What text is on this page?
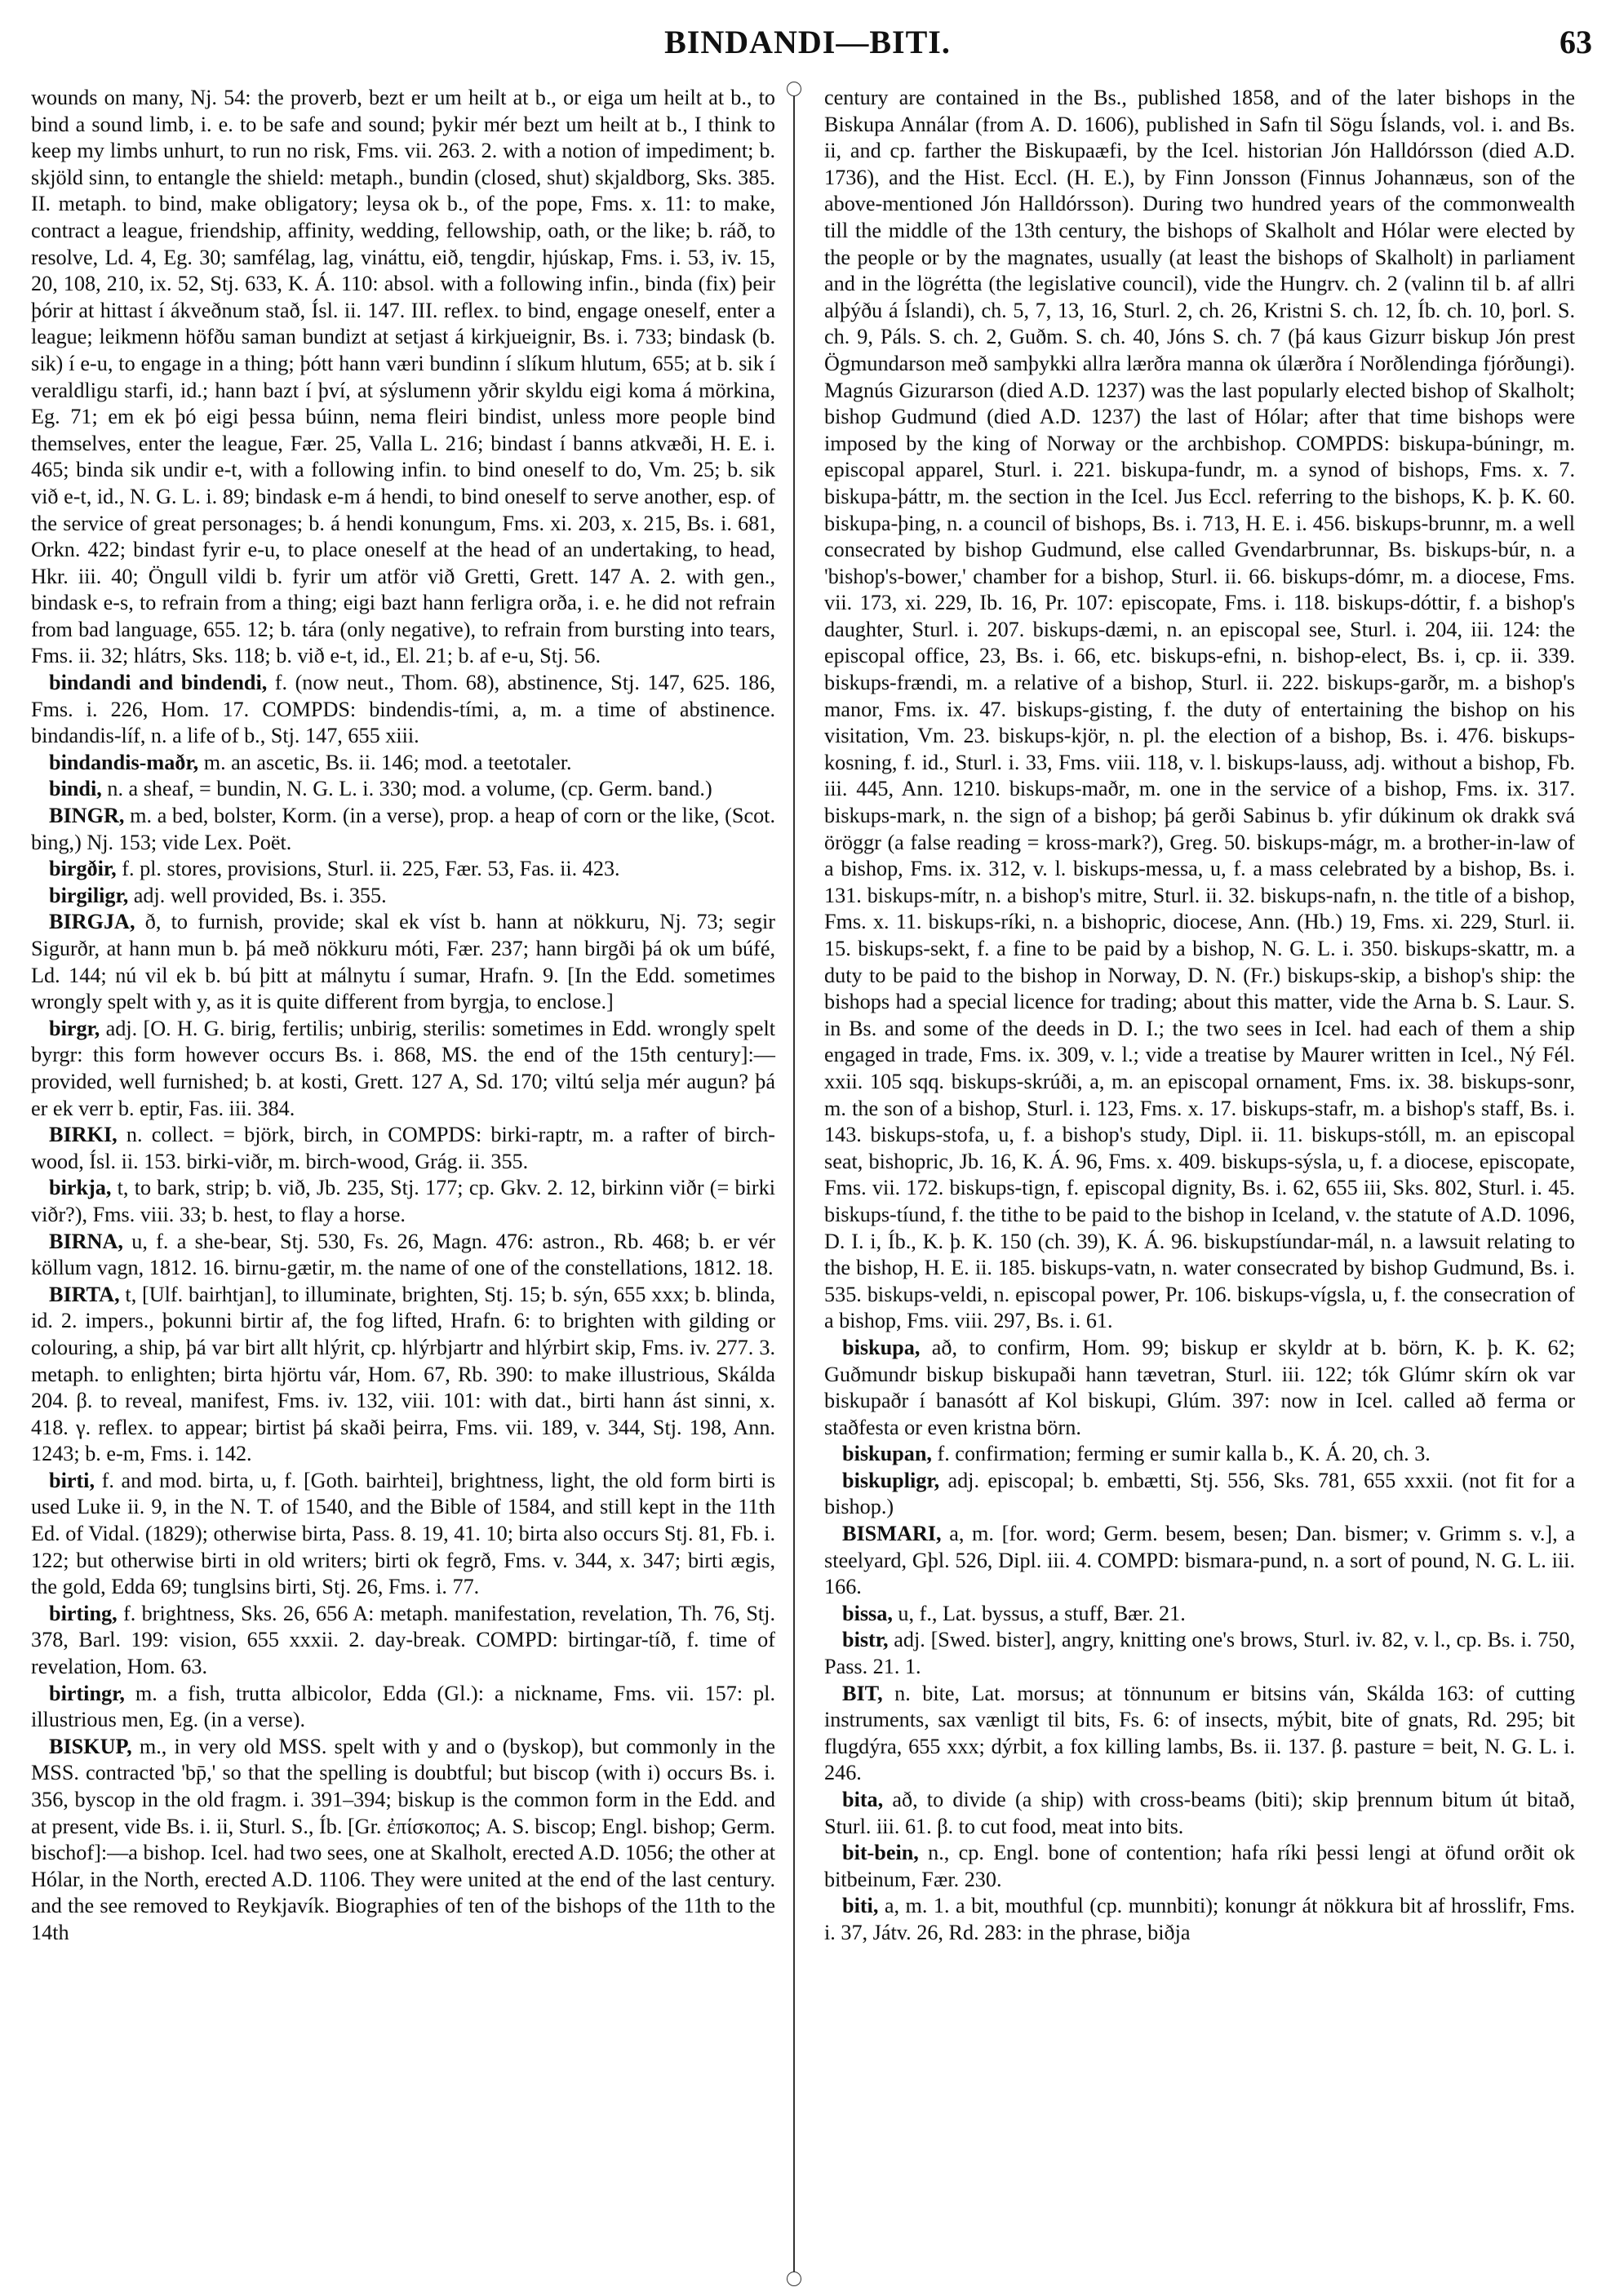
BINDANDI—BITI.	63

wounds on many, Nj. 54: the proverb, bezt er um heilt at b., or eiga um heilt at b., to bind a sound limb, i. e. to be safe and sound; þykir mér bezt um heilt at b., I think to keep my limbs unhurt, to run no risk, Fms. vii. 263. 2. with a notion of impediment; b. skjöld sinn, to entangle the shield: metaph., bundin (closed, shut) skjaldborg, Sks. 385. II. metaph. to bind, make obligatory; leysa ok b., of the pope, Fms. x. 11: to make, contract a league, friendship, affinity, wedding, fellowship, oath, or the like; b. ráð, to resolve, Ld. 4, Eg. 30; samfélag, lag, vináttu, eið, tengdir, hjúskap, Fms. i. 53, iv. 15, 20, 108, 210, ix. 52, Stj. 633, K. Á. 110: absol. with a following infin., binda (fix) þeir þórir at hittast í ákveðnum stað, Ísl. ii. 147. III. reflex. to bind, engage oneself, enter a league; leikmenn höfðu saman bundizt at setjast á kirkjueignir, Bs. i. 733; bindask (b. sik) í e-u, to engage in a thing; þótt hann væri bundinn í slíkum hlutum, 655; at b. sik í veraldligu starfi, id.; hann bazt í því, at sýslumenn yðrir skyldu eigi koma á mörkina, Eg. 71; em ek þó eigi þessa búinn, nema fleiri bindist, unless more people bind themselves, enter the league, Fær. 25, Valla L. 216; bindast í banns atkvæði, H. E. i. 465; binda sik undir e-t, with a following infin. to bind oneself to do, Vm. 25; b. sik við e-t, id., N. G. L. i. 89; bindask e-m á hendi, to bind oneself to serve another, esp. of the service of great personages; b. á hendi konungum, Fms. xi. 203, x. 215, Bs. i. 681, Orkn. 422; bindast fyrir e-u, to place oneself at the head of an undertaking, to head, Hkr. iii. 40; Öngull vildi b. fyrir um atför við Gretti, Grett. 147 A. 2. with gen., bindask e-s, to refrain from a thing; eigi bazt hann ferligra orða, i. e. he did not refrain from bad language, 655. 12; b. tára (only negative), to refrain from bursting into tears, Fms. ii. 32; hlátrs, Sks. 118; b. við e-t, id., El. 21; b. af e-u, Stj. 56.

bindandi and bindendi, f. (now neut., Thom. 68), abstinence, Stj. 147, 625. 186, Fms. i. 226, Hom. 17. COMPDS: bindendis-tími, a, m. a time of abstinence. bindandis-líf, n. a life of b., Stj. 147, 655 xiii.

bindandis-maðr, m. an ascetic, Bs. ii. 146; mod. a teetotaler.

bindi, n. a sheaf, = bundin, N. G. L. i. 330; mod. a volume, (cp. Germ. band.)

BINGR, m. a bed, bolster, Korm. (in a verse), prop. a heap of corn or the like, (Scot. bing,) Nj. 153; vide Lex. Poët.

birgðir, f. pl. stores, provisions, Sturl. ii. 225, Fær. 53, Fas. ii. 423.

birgiligr, adj. well provided, Bs. i. 355.

BIRGJA, ð, to furnish, provide; skal ek víst b. hann at nökkuru, Nj. 73; segir Sigurðr, at hann mun b. þá með nökkuru móti, Fær. 237; hann birgði þá ok um búfé, Ld. 144; nú vil ek b. bú þitt at málnytu í sumar, Hrafn. 9. [In the Edd. sometimes wrongly spelt with y, as it is quite different from byrgja, to enclose.]

birgr, adj. [O. H. G. birig, fertilis; unbirig, sterilis: sometimes in Edd. wrongly spelt byrgr: this form however occurs Bs. i. 868, MS. the end of the 15th century]:—provided, well furnished; b. at kosti, Grett. 127 A, Sd. 170; viltú selja mér augun? þá er ek verr b. eptir, Fas. iii. 384.

BIRKI, n. collect. = björk, birch, in COMPDS: birki-raptr, m. a rafter of birch-wood, Ísl. ii. 153. birki-viðr, m. birch-wood, Grág. ii. 355.

birkja, t, to bark, strip; b. við, Jb. 235, Stj. 177; cp. Gkv. 2. 12, birkinn viðr (= birki viðr?), Fms. viii. 33; b. hest, to flay a horse.

BIRNA, u, f. a she-bear, Stj. 530, Fs. 26, Magn. 476: astron., Rb. 468; b. er vér köllum vagn, 1812. 16. birnu-gætir, m. the name of one of the constellations, 1812. 18.

BIRTA, t, [Ulf. bairhtjan], to illuminate, brighten, Stj. 15; b. sýn, 655 xxx; b. blinda, id. 2. impers., þokunni birtir af, the fog lifted, Hrafn. 6: to brighten with gilding or colouring, a ship, þá var birt allt hlýrit, cp. hlýrbjartr and hlýrbirt skip, Fms. iv. 277. 3. metaph. to enlighten; birta hjörtu vár, Hom. 67, Rb. 390: to make illustrious, Skálda 204. β. to reveal, manifest, Fms. iv. 132, viii. 101: with dat., birti hann ást sinni, x. 418. γ. reflex. to appear; birtist þá skaði þeirra, Fms. vii. 189, v. 344, Stj. 198, Ann. 1243; b. e-m, Fms. i. 142.

birti, f. and mod. birta, u, f. [Goth. bairhtei], brightness, light, the old form birti is used Luke ii. 9, in the N. T. of 1540, and the Bible of 1584, and still kept in the 11th Ed. of Vidal. (1829); otherwise birta, Pass. 8. 19, 41. 10; birta also occurs Stj. 81, Fb. i. 122; but otherwise birti in old writers; birti ok fegrð, Fms. v. 344, x. 347; birti ægis, the gold, Edda 69; tunglsins birti, Stj. 26, Fms. i. 77.

birting, f. brightness, Sks. 26, 656 A: metaph. manifestation, revelation, Th. 76, Stj. 378, Barl. 199: vision, 655 xxxii. 2. day-break. COMPD: birtingar-tíð, f. time of revelation, Hom. 63.

birtingr, m. a fish, trutta albicolor, Edda (Gl.): a nickname, Fms. vii. 157: pl. illustrious men, Eg. (in a verse).

BISKUP, m., in very old MSS. spelt with y and o (byskop), but commonly in the MSS. contracted 'bp̄,' so that the spelling is doubtful; but biscop (with i) occurs Bs. i. 356, byscop in the old fragm. i. 391–394; biskup is the common form in the Edd. and at present, vide Bs. i. ii, Sturl. S., Íb. [Gr. ἐπίσκοπος; A. S. biscop; Engl. bishop; Germ. bischof]:—a bishop. Icel. had two sees, one at Skalholt, erected A.D. 1056; the other at Hólar, in the North, erected A.D. 1106. They were united at the end of the last century. and the see removed to Reykjavík. Biographies of ten of the bishops of the 11th to the 14th

century are contained in the Bs., published 1858, and of the later bishops in the Biskupa Annálar (from A. D. 1606), published in Safn til Sögu Íslands, vol. i. and Bs. ii, and cp. farther the Biskupaæfi, by the Icel. historian Jón Halldórsson (died A.D. 1736), and the Hist. Eccl. (H. E.), by Finn Jonsson (Finnus Johannæus, son of the above-mentioned Jón Halldórsson). During two hundred years of the commonwealth till the middle of the 13th century, the bishops of Skalholt and Hólar were elected by the people or by the magnates, usually (at least the bishops of Skalholt) in parliament and in the lögrétta (the legislative council), vide the Hungrv. ch. 2 (valinn til b. af allri alþýðu á Íslandi), ch. 5, 7, 13, 16, Sturl. 2, ch. 26, Kristni S. ch. 12, Íb. ch. 10, þorl. S. ch. 9, Páls. S. ch. 2, Guðm. S. ch. 40, Jóns S. ch. 7 (þá kaus Gizurr biskup Jón prest Ögmundarson með samþykki allra lærðra manna ok úlærðra í Norðlendinga fjórðungi). Magnús Gizurarson (died A.D. 1237) was the last popularly elected bishop of Skalholt; bishop Gudmund (died A.D. 1237) the last of Hólar; after that time bishops were imposed by the king of Norway or the archbishop. COMPDS: biskupa-búningr, m. episcopal apparel, Sturl. i. 221. biskupa-fundr, m. a synod of bishops, Fms. x. 7. biskupa-þáttr, m. the section in the Icel. Jus Eccl. referring to the bishops, K. þ. K. 60. biskupa-þing, n. a council of bishops, Bs. i. 713, H. E. i. 456. biskups-brunnr, m. a well consecrated by bishop Gudmund, else called Gvendarbrunnar, Bs. biskups-búr, n. a 'bishop's-bower,' chamber for a bishop, Sturl. ii. 66. biskups-dómr, m. a diocese, Fms. vii. 173, xi. 229, Ib. 16, Pr. 107: episcopate, Fms. i. 118. biskups-dóttir, f. a bishop's daughter, Sturl. i. 207. biskups-dæmi, n. an episcopal see, Sturl. i. 204, iii. 124: the episcopal office, 23, Bs. i. 66, etc. biskups-efni, n. bishop-elect, Bs. i, cp. ii. 339. biskups-frændi, m. a relative of a bishop, Sturl. ii. 222. biskups-garðr, m. a bishop's manor, Fms. ix. 47. biskups-gisting, f. the duty of entertaining the bishop on his visitation, Vm. 23. biskups-kjör, n. pl. the election of a bishop, Bs. i. 476. biskups-kosning, f. id., Sturl. i. 33, Fms. viii. 118, v. l. biskups-lauss, adj. without a bishop, Fb. iii. 445, Ann. 1210. biskups-maðr, m. one in the service of a bishop, Fms. ix. 317. biskups-mark, n. the sign of a bishop; þá gerði Sabinus b. yfir dúkinum ok drakk svá öröggr (a false reading = kross-mark?), Greg. 50. biskups-mágr, m. a brother-in-law of a bishop, Fms. ix. 312, v. l. biskups-messa, u, f. a mass celebrated by a bishop, Bs. i. 131. biskups-mítr, n. a bishop's mitre, Sturl. ii. 32. biskups-nafn, n. the title of a bishop, Fms. x. 11. biskups-ríki, n. a bishopric, diocese, Ann. (Hb.) 19, Fms. xi. 229, Sturl. ii. 15. biskups-sekt, f. a fine to be paid by a bishop, N. G. L. i. 350. biskups-skattr, m. a duty to be paid to the bishop in Norway, D. N. (Fr.) biskups-skip, a bishop's ship: the bishops had a special licence for trading; about this matter, vide the Arna b. S. Laur. S. in Bs. and some of the deeds in D. I.; the two sees in Icel. had each of them a ship engaged in trade, Fms. ix. 309, v. l.; vide a treatise by Maurer written in Icel., Ný Fél. xxii. 105 sqq. biskups-skrúði, a, m. an episcopal ornament, Fms. ix. 38. biskups-sonr, m. the son of a bishop, Sturl. i. 123, Fms. x. 17. biskups-stafr, m. a bishop's staff, Bs. i. 143. biskups-stofa, u, f. a bishop's study, Dipl. ii. 11. biskups-stóll, m. an episcopal seat, bishopric, Jb. 16, K. Á. 96, Fms. x. 409. biskups-sýsla, u, f. a diocese, episcopate, Fms. vii. 172. biskups-tign, f. episcopal dignity, Bs. i. 62, 655 iii, Sks. 802, Sturl. i. 45. biskups-tíund, f. the tithe to be paid to the bishop in Iceland, v. the statute of A.D. 1096, D. I. i, Íb., K. þ. K. 150 (ch. 39), K. Á. 96. biskupstíundar-mál, n. a lawsuit relating to the bishop, H. E. ii. 185. biskups-vatn, n. water consecrated by bishop Gudmund, Bs. i. 535. biskups-veldi, n. episcopal power, Pr. 106. biskups-vígsla, u, f. the consecration of a bishop, Fms. viii. 297, Bs. i. 61.

biskupa, að, to confirm, Hom. 99; biskup er skyldr at b. börn, K. þ. K. 62; Guðmundr biskup biskupaði hann tævetran, Sturl. iii. 122; tók Glúmr skírn ok var biskupaðr í banasótt af Kol biskupi, Glúm. 397: now in Icel. called að ferma or staðfesta or even kristna börn.

biskupan, f. confirmation; ferming er sumir kalla b., K. Á. 20, ch. 3.

biskupligr, adj. episcopal; b. embætti, Stj. 556, Sks. 781, 655 xxxii. (not fit for a bishop.)

BISMARI, a, m. [for. word; Germ. besem, besen; Dan. bismer; v. Grimm s. v.], a steelyard, Gþl. 526, Dipl. iii. 4. COMPD: bismara-pund, n. a sort of pound, N. G. L. iii. 166.

bissa, u, f., Lat. byssus, a stuff, Bær. 21.

bistr, adj. [Swed. bister], angry, knitting one's brows, Sturl. iv. 82, v. l., cp. Bs. i. 750, Pass. 21. 1.

BIT, n. bite, Lat. morsus; at tönnunum er bitsins ván, Skálda 163: of cutting instruments, sax vænligt til bits, Fs. 6: of insects, mýbit, bite of gnats, Rd. 295; bit flugdýra, 655 xxx; dýrbit, a fox killing lambs, Bs. ii. 137. β. pasture = beit, N. G. L. i. 246.

bita, að, to divide (a ship) with cross-beams (biti); skip þrennum bitum út bitað, Sturl. iii. 61. β. to cut food, meat into bits.

bit-bein, n., cp. Engl. bone of contention; hafa ríki þessi lengi at öfund orðit ok bitbeinum, Fær. 230.

biti, a, m. 1. a bit, mouthful (cp. munnbiti); konungr át nökkura bit af hrosslifr, Fms. i. 37, Játv. 26, Rd. 283: in the phrase, biðja
